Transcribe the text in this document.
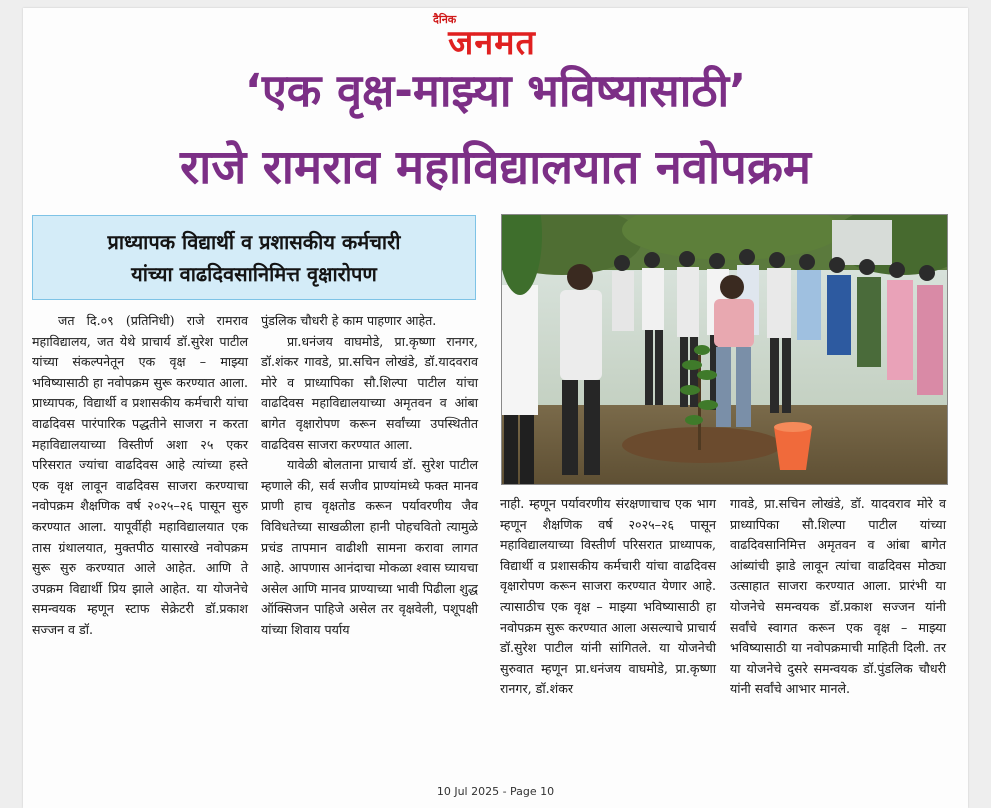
दैनिक
जनमत
‘एक वृक्ष-माझ्या भविष्यासाठी’
राजे रामराव महाविद्यालयात नवोपक्रम
प्राध्यापक विद्यार्थी व प्रशासकीय कर्मचारी
यांच्या वाढदिवसानिमित्त वृक्षारोपण

जत दि.०९ (प्रतिनिधी) राजे रामराव महाविद्यालय, जत येथे प्राचार्य डॉ.सुरेश पाटील यांच्या संकल्पनेतून एक वृक्ष – माझ्या भविष्यासाठी हा नवोपक्रम सुरू करण्यात आला. प्राध्यापक, विद्यार्थी व प्रशासकीय कर्मचारी यांचा वाढदिवस पारंपारिक पद्धतीने साजरा न करता महाविद्यालयाच्या विस्तीर्ण अशा २५ एकर परिसरात ज्यांचा वाढदिवस आहे त्यांच्या हस्ते एक वृक्ष लावून वाढदिवस साजरा करण्याचा नवोपक्रम शैक्षणिक वर्ष २०२५–२६ पासून सुरु करण्यात आला. यापूर्वीही महाविद्यालयात एक तास ग्रंथालयात, मुक्तपीठ यासारखे नवोपक्रम सुरू सुरु करण्यात आले आहेत. आणि ते उपक्रम विद्यार्थी प्रिय झाले आहेत. या योजनेचे समन्वयक म्हणून स्टाफ सेक्रेटरी डॉ.प्रकाश सज्जन व डॉ.

पुंडलिक चौधरी हे काम पाहणार आहेत.

प्रा.धनंजय वाघमोडे, प्रा.कृष्णा रानगर, डॉ.शंकर गावडे, प्रा.सचिन लोखंडे, डॉ.यादवराव मोरे व प्राध्यापिका सौ.शिल्पा पाटील यांचा वाढदिवस महाविद्यालयाच्या अमृतवन व आंबा बागेत वृक्षारोपण करून सर्वांच्या उपस्थितीत वाढदिवस साजरा करण्यात आला.

यावेळी बोलताना प्राचार्य डॉ. सुरेश पाटील म्हणाले की, सर्व सजीव प्राण्यांमध्ये फक्त मानव प्राणी हाच वृक्षतोड करून पर्यावरणीय जैव विविधतेच्या साखळीला हानी पोहचवितो त्यामुळे प्रचंड तापमान वाढीशी सामना करावा लागत आहे. आपणास आनंदाचा मोकळा श्वास घ्यायचा असेल आणि मानव प्राण्याच्या भावी पिढीला शुद्ध ऑक्सिजन पाहिजे असेल तर वृक्षवेली, पशूपक्षी यांच्या शिवाय पर्याय

नाही. म्हणून पर्यावरणीय संरक्षणाचाच एक भाग म्हणून शैक्षणिक वर्ष २०२५–२६ पासून महाविद्यालयाच्या विस्तीर्ण परिसरात प्राध्यापक, विद्यार्थी व प्रशासकीय कर्मचारी यांचा वाढदिवस वृक्षारोपण करून साजरा करण्यात येणार आहे. त्यासाठीच एक वृक्ष – माझ्या भविष्यासाठी हा नवोपक्रम सुरू करण्यात आला असल्याचे प्राचार्य डॉ.सुरेश पाटील यांनी सांगितले. या योजनेची सुरुवात म्हणून प्रा.धनंजय वाघमोडे, प्रा.कृष्णा रानगर, डॉ.शंकर

गावडे, प्रा.सचिन लोखंडे, डॉ. यादवराव मोरे व प्राध्यापिका सौ.शिल्पा पाटील यांच्या वाढदिवसानिमित्त अमृतवन व आंबा बागेत आंब्यांची झाडे लावून त्यांचा वाढदिवस मोठ्या उत्साहात साजरा करण्यात आला. प्रारंभी या योजनेचे समन्वयक डॉ.प्रकाश सज्जन यांनी सर्वांचे स्वागत करून एक वृक्ष – माझ्या भविष्यासाठी या नवोपक्रमाची माहिती दिली. तर या योजनेचे दुसरे समन्वयक डॉ.पुंडलिक चौधरी यांनी सर्वांचे आभार मानले.

10 Jul 2025 - Page 10
